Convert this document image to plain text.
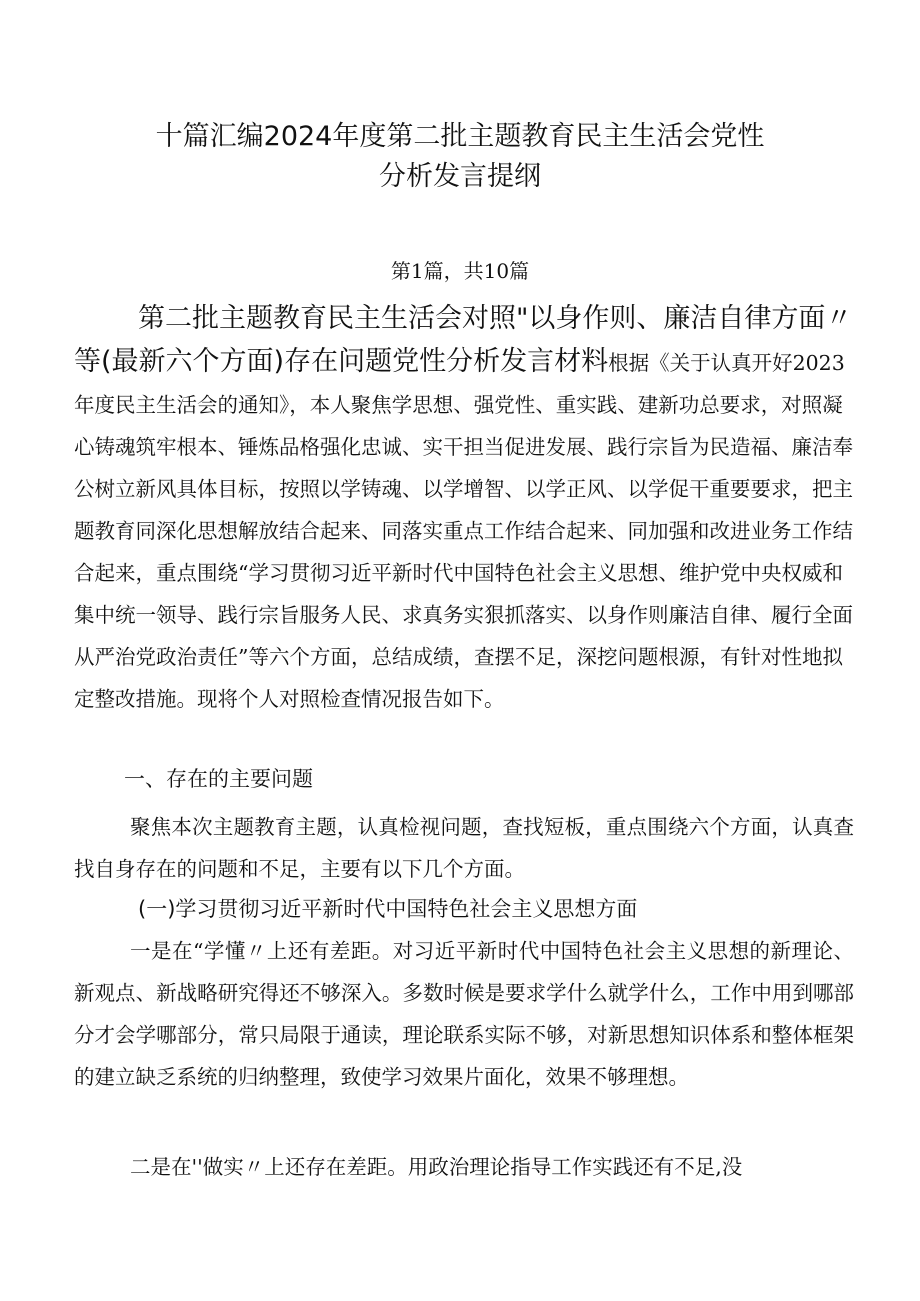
十篇汇编2024年度第二批主题教育民主生活会党性
分析发言提纲
第1篇，共10篇
第二批主题教育民主生活会对照"以身作则、廉洁自律方面〃等(最新六个方面)存在问题党性分析发言材料根据《关于认真开好2023年度民主生活会的通知》，本人聚焦学思想、强党性、重实践、建新功总要求，对照凝心铸魂筑牢根本、锤炼品格强化忠诚、实干担当促进发展、践行宗旨为民造福、廉洁奉公树立新风具体目标，按照以学铸魂、以学增智、以学正风、以学促干重要要求，把主题教育同深化思想解放结合起来、同落实重点工作结合起来、同加强和改进业务工作结合起来，重点围绕“学习贯彻习近平新时代中国特色社会主义思想、维护党中央权威和集中统一领导、践行宗旨服务人民、求真务实狠抓落实、以身作则廉洁自律、履行全面从严治党政治责任”等六个方面，总结成绩，查摆不足，深挖问题根源，有针对性地拟定整改措施。现将个人对照检查情况报告如下。
一、存在的主要问题
聚焦本次主题教育主题，认真检视问题，查找短板，重点围绕六个方面，认真查找自身存在的问题和不足，主要有以下几个方面。
(一)学习贯彻习近平新时代中国特色社会主义思想方面
一是在“学懂〃上还有差距。对习近平新时代中国特色社会主义思想的新理论、新观点、新战略研究得还不够深入。多数时候是要求学什么就学什么，工作中用到哪部分才会学哪部分，常只局限于通读，理论联系实际不够，对新思想知识体系和整体框架的建立缺乏系统的归纳整理，致使学习效果片面化，效果不够理想。
二是在''做实〃上还存在差距。用政治理论指导工作实践还有不足,没
